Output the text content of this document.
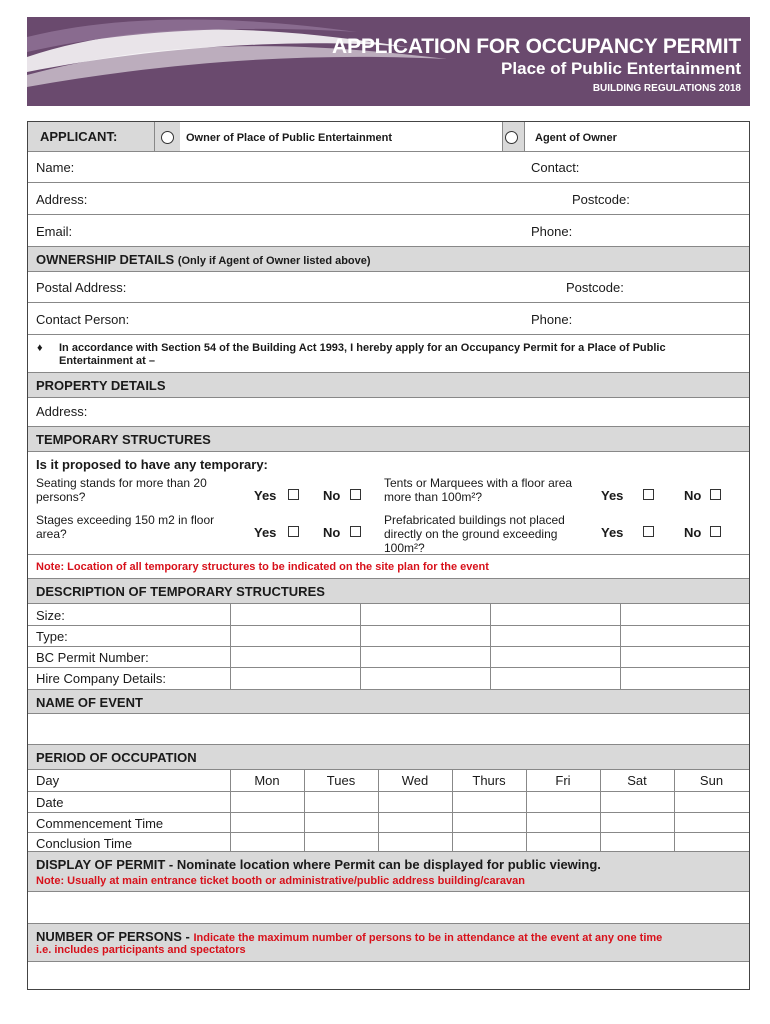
APPLICATION FOR OCCUPANCY PERMIT
Place of Public Entertainment
BUILDING REGULATIONS 2018
APPLICANT:	Owner of Place of Public Entertainment	Agent of Owner
Name:	Contact:
Address:	Postcode:
Email:	Phone:
OWNERSHIP DETAILS (Only if Agent of Owner listed above)
Postal Address:	Postcode:
Contact Person:	Phone:
♦ In accordance with Section 54 of the Building Act 1993, I hereby apply for an Occupancy Permit for a Place of Public Entertainment at –
PROPERTY DETAILS
Address:
TEMPORARY STRUCTURES
Is it proposed to have any temporary:
Seating stands for more than 20 persons?	Yes	No
Tents or Marquees with a floor area more than 100m²?	Yes	No
Stages exceeding 150 m2 in floor area?	Yes	No
Prefabricated buildings not placed directly on the ground exceeding 100m²?
Yes	No
Note: Location of all temporary structures to be indicated on the site plan for the event
DESCRIPTION OF TEMPORARY STRUCTURES
Size:
Type:
BC Permit Number:
Hire Company Details:
NAME OF EVENT
PERIOD OF OCCUPATION
Day	Mon	Tues	Wed	Thurs	Fri	Sat	Sun
Date
Commencement Time
Conclusion Time
DISPLAY OF PERMIT - Nominate location where Permit can be displayed for public viewing.
Note: Usually at main entrance ticket booth or administrative/public address building/caravan
NUMBER OF PERSONS - Indicate the maximum number of persons to be in attendance at the event at any one time
i.e. includes participants and spectators
